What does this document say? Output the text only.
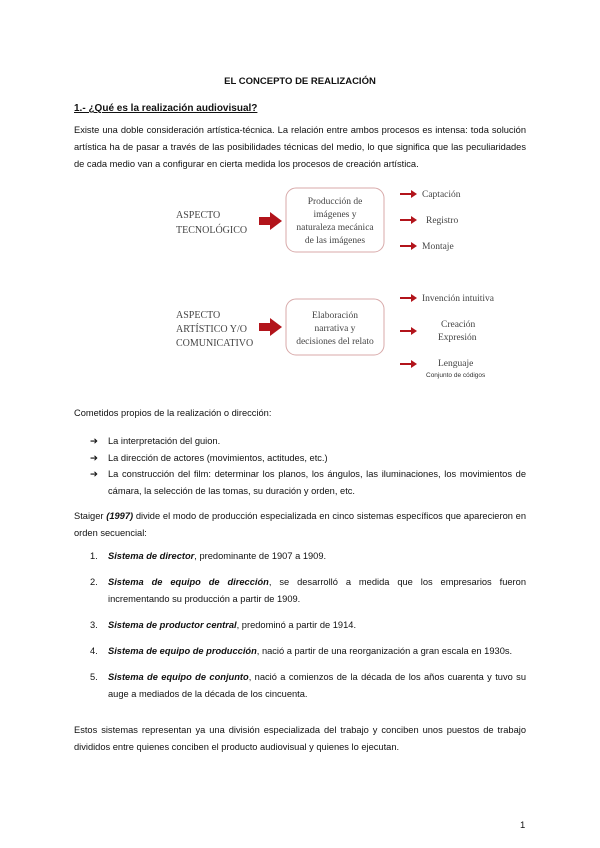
EL CONCEPTO DE REALIZACIÓN
1.- ¿Qué es la realización audiovisual?
Existe una doble consideración artística-técnica. La relación entre ambos procesos es intensa: toda solución artística ha de pasar a través de las posibilidades técnicas del medio, lo que significa que las peculiaridades de cada medio van a configurar en cierta medida los procesos de creación artística.
ASPECTO
TECNOLÓGICO
Producción de
imágenes y
naturaleza mecánica
de las imágenes
Captación
Registro
Montaje
ASPECTO
ARTÍSTICO Y/O
COMUNICATIVO
Elaboración
narrativa y
decisiones del relato
Invención intuitiva
Creación
Expresión
Lenguaje
Conjunto de códigos
Cometidos propios de la realización o dirección:
➔ La interpretación del guion.
➔ La dirección de actores (movimientos, actitudes, etc.)
➔ La construcción del film: determinar los planos, los ángulos, las iluminaciones, los movimientos de cámara, la selección de las tomas, su duración y orden, etc.
Staiger (1997) divide el modo de producción especializada en cinco sistemas específicos que aparecieron en orden secuencial:
1. Sistema de director, predominante de 1907 a 1909.
2. Sistema de equipo de dirección, se desarrolló a medida que los empresarios fueron incrementando su producción a partir de 1909.
3. Sistema de productor central, predominó a partir de 1914.
4. Sistema de equipo de producción, nació a partir de una reorganización a gran escala en 1930s.
5. Sistema de equipo de conjunto, nació a comienzos de la década de los años cuarenta y tuvo su auge a mediados de la década de los cincuenta.
Estos sistemas representan ya una división especializada del trabajo y conciben unos puestos de trabajo divididos entre quienes conciben el producto audiovisual y quienes lo ejecutan.
1
